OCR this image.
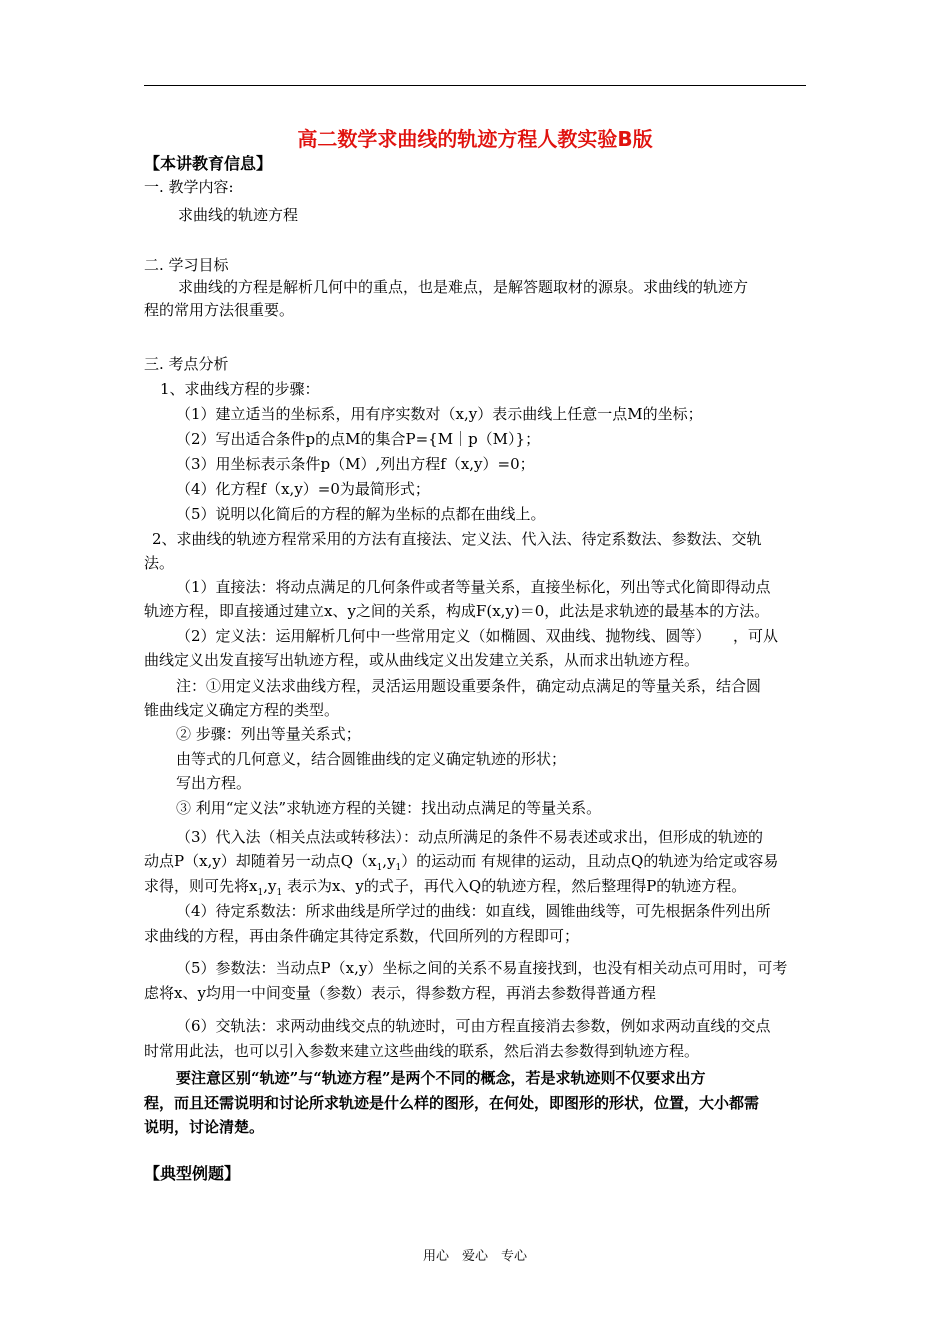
高二数学求曲线的轨迹方程人教实验B版
【本讲教育信息】
一. 教学内容:
求曲线的轨迹方程
二. 学习目标
求曲线的方程是解析几何中的重点，也是难点，是解答题取材的源泉。求曲线的轨迹方
程的常用方法很重要。
三. 考点分析
1、求曲线方程的步骤：
（1）建立适当的坐标系，用有序实数对（x,y）表示曲线上任意一点M的坐标；
（2）写出适合条件p的点M的集合P={M｜p（M）}；
（3）用坐标表示条件p（M）,列出方程f（x,y）=0；
（4）化方程f（x,y）=0为最简形式；
（5）说明以化简后的方程的解为坐标的点都在曲线上。
2、求曲线的轨迹方程常采用的方法有直接法、定义法、代入法、待定系数法、参数法、交轨
法。
（1）直接法：将动点满足的几何条件或者等量关系，直接坐标化，列出等式化简即得动点
轨迹方程，即直接通过建立x、y之间的关系，构成F(x,y)＝0，此法是求轨迹的最基本的方法。
（2）定义法：运用解析几何中一些常用定义（如椭圆、双曲线、抛物线、圆等）　　，可从
曲线定义出发直接写出轨迹方程，或从曲线定义出发建立关系，从而求出轨迹方程。
注：①用定义法求曲线方程，灵活运用题设重要条件，确定动点满足的等量关系，结合圆
锥曲线定义确定方程的类型。
② 步骤：列出等量关系式；
由等式的几何意义，结合圆锥曲线的定义确定轨迹的形状；
写出方程。
③ 利用“定义法”求轨迹方程的关键：找出动点满足的等量关系。
（3）代入法（相关点法或转移法）：动点所满足的条件不易表述或求出，但形成的轨迹的
动点P（x,y）却随着另一动点$Q(x_1,y_1)$的运动而 有规律的运动，且动点Q的轨迹为给定或容易
求得，则可先将$x_1,y_1$ 表示为x、y的式子，再代入Q的轨迹方程，然后整理得P的轨迹方程。
（4）待定系数法：所求曲线是所学过的曲线：如直线，圆锥曲线等，可先根据条件列出所
求曲线的方程，再由条件确定其待定系数，代回所列的方程即可；
（5）参数法：当动点P（x,y）坐标之间的关系不易直接找到，也没有相关动点可用时，可考
虑将x、y均用一中间变量（参数）表示，得参数方程，再消去参数得普通方程
（6）交轨法：求两动曲线交点的轨迹时，可由方程直接消去参数，例如求两动直线的交点
时常用此法，也可以引入参数来建立这些曲线的联系，然后消去参数得到轨迹方程。
要注意区别“轨迹”与“轨迹方程”是两个不同的概念，若是求轨迹则不仅要求出方
程，而且还需说明和讨论所求轨迹是什么样的图形，在何处，即图形的形状，位置，大小都需
说明，讨论清楚。
【典型例题】
用心　爱心　专心
